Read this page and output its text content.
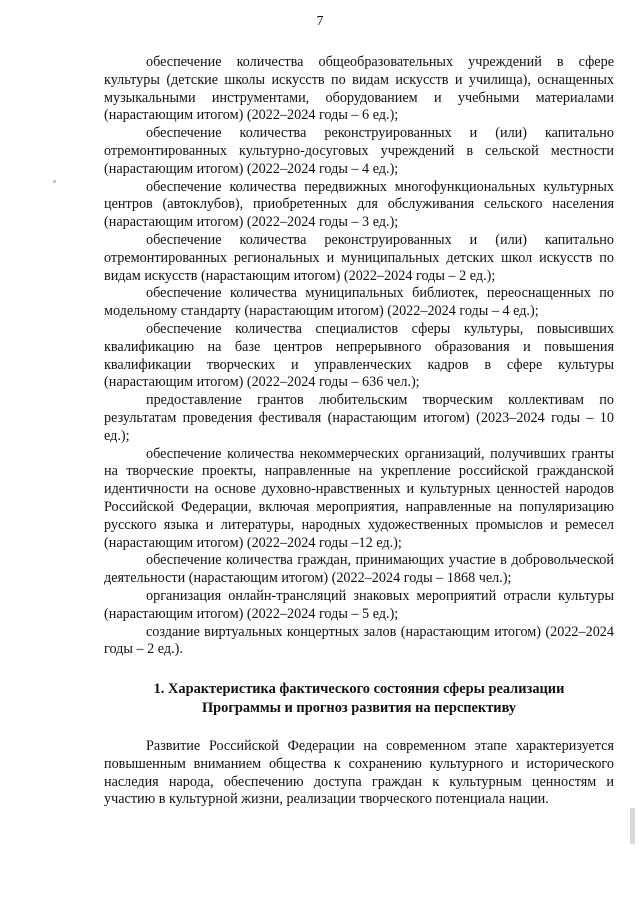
7

обеспечение количества общеобразовательных учреждений в сфере культуры (детские школы искусств по видам искусств и училища), оснащенных музыкальными инструментами, оборудованием и учебными материалами (нарастающим итогом) (2022–2024 годы – 6 ед.);

обеспечение количества реконструированных и (или) капитально отремонтированных культурно-досуговых учреждений в сельской местности (нарастающим итогом) (2022–2024 годы – 4 ед.);

обеспечение количества передвижных многофункциональных культурных центров (автоклубов), приобретенных для обслуживания сельского населения (нарастающим итогом) (2022–2024 годы – 3 ед.);

обеспечение количества реконструированных и (или) капитально отремонтированных региональных и муниципальных детских школ искусств по видам искусств (нарастающим итогом) (2022–2024 годы – 2 ед.);

обеспечение количества муниципальных библиотек, переоснащенных по модельному стандарту (нарастающим итогом) (2022–2024 годы – 4 ед.);

обеспечение количества специалистов сферы культуры, повысивших квалификацию на базе центров непрерывного образования и повышения квалификации творческих и управленческих кадров в сфере культуры (нарастающим итогом) (2022–2024 годы – 636 чел.);

предоставление грантов любительским творческим коллективам по результатам проведения фестиваля (нарастающим итогом) (2023–2024 годы – 10 ед.);

обеспечение количества некоммерческих организаций, получивших гранты на творческие проекты, направленные на укрепление российской гражданской идентичности на основе духовно-нравственных и культурных ценностей народов Российской Федерации, включая мероприятия, направленные на популяризацию русского языка и литературы, народных художественных промыслов и ремесел (нарастающим итогом) (2022–2024 годы –12 ед.);

обеспечение количества граждан, принимающих участие в добровольческой деятельности (нарастающим итогом) (2022–2024 годы – 1868 чел.);

организация онлайн-трансляций знаковых мероприятий отрасли культуры (нарастающим итогом) (2022–2024 годы – 5 ед.);

создание виртуальных концертных залов (нарастающим итогом) (2022–2024 годы – 2 ед.).

1. Характеристика фактического состояния сферы реализации
Программы и прогноз развития на перспективу

Развитие Российской Федерации на современном этапе характеризуется повышенным вниманием общества к сохранению культурного и исторического наследия народа, обеспечению доступа граждан к культурным ценностям и участию в культурной жизни, реализации творческого потенциала нации.
